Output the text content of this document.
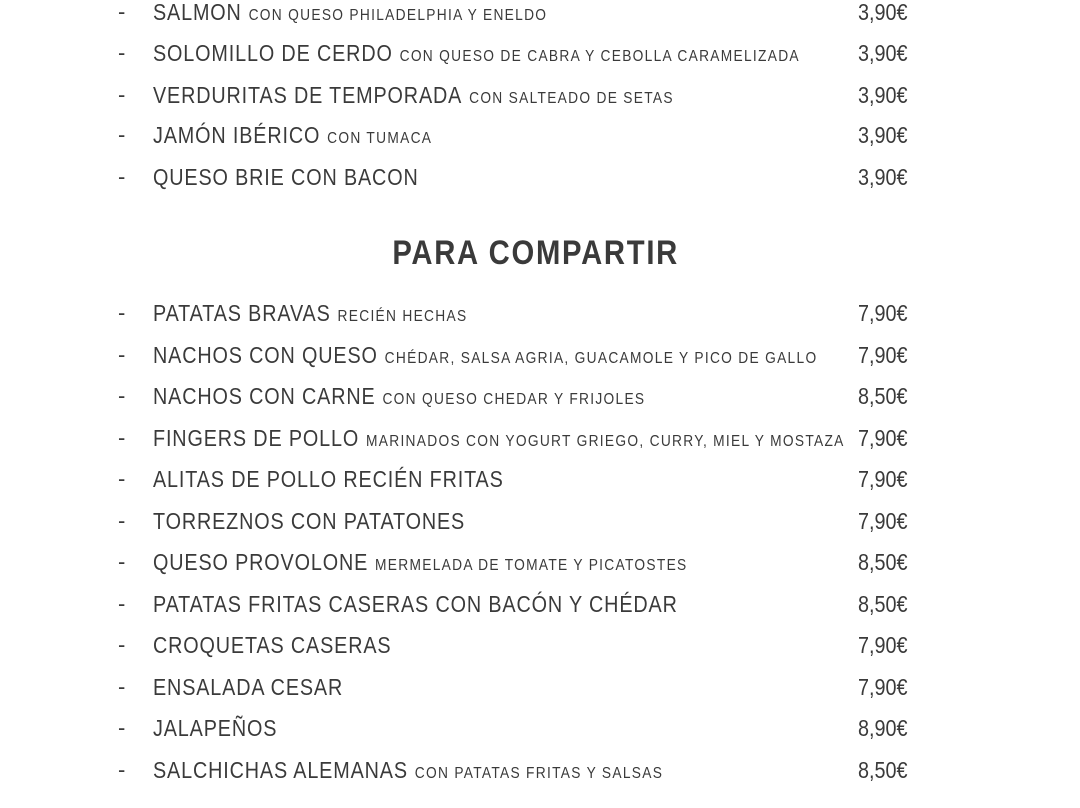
-	SALMON CON QUESO PHILADELPHIA Y ENELDO	3,90€
-	SOLOMILLO DE CERDO CON QUESO DE CABRA Y CEBOLLA CARAMELIZADA	3,90€
-	VERDURITAS DE TEMPORADA CON SALTEADO DE SETAS	3,90€
-	JAMÓN IBÉRICO CON TUMACA	3,90€
-	QUESO BRIE CON BACON	3,90€
PARA COMPARTIR
-	PATATAS BRAVAS RECIÉN HECHAS	7,90€
-	NACHOS CON QUESO CHÉDAR, SALSA AGRIA, GUACAMOLE Y PICO DE GALLO	7,90€
-	NACHOS CON CARNE CON QUESO CHEDAR Y FRIJOLES	8,50€
-	FINGERS DE POLLO MARINADOS CON YOGURT GRIEGO, CURRY, MIEL Y MOSTAZA 7,90€
-	ALITAS DE POLLO RECIÉN FRITAS	7,90€
-	TORREZNOS CON PATATONES	7,90€
-	QUESO PROVOLONE MERMELADA DE TOMATE Y PICATOSTES	8,50€
-	PATATAS FRITAS CASERAS CON BACÓN Y CHÉDAR	8,50€
-	CROQUETAS CASERAS	7,90€
-	ENSALADA CESAR	7,90€
-	JALAPEÑOS	8,90€
-	SALCHICHAS ALEMANAS CON PATATAS FRITAS Y SALSAS	8,50€
